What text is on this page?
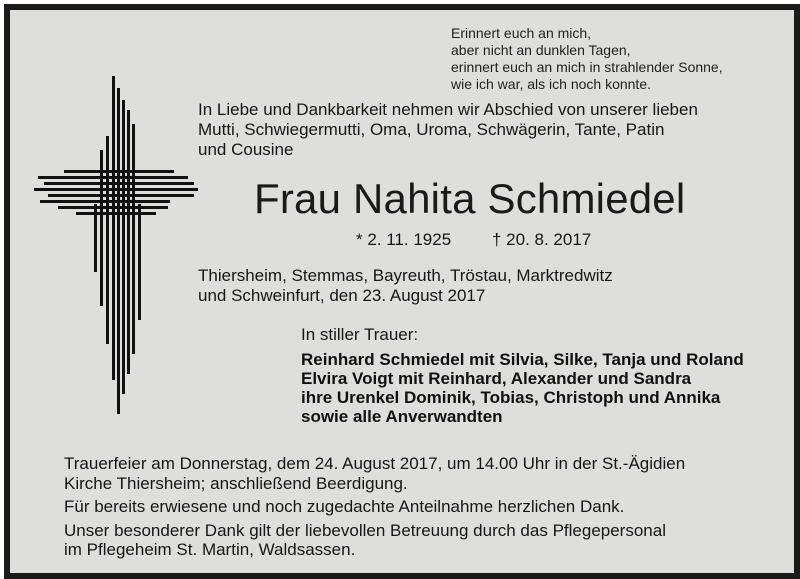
Erinnert euch an mich,
aber nicht an dunklen Tagen,
erinnert euch an mich in strahlender Sonne,
wie ich war, als ich noch konnte.
In Liebe und Dankbarkeit nehmen wir Abschied von unserer lieben
Mutti, Schwiegermutti, Oma, Uroma, Schwägerin, Tante, Patin
und Cousine
Frau Nahita Schmiedel
* 2. 11. 1925 † 20. 8. 2017
Thiersheim, Stemmas, Bayreuth, Tröstau, Marktredwitz
und Schweinfurt, den 23. August 2017
In stiller Trauer:
Reinhard Schmiedel mit Silvia, Silke, Tanja und Roland
Elvira Voigt mit Reinhard, Alexander und Sandra
ihre Urenkel Dominik, Tobias, Christoph und Annika
sowie alle Anverwandten
Trauerfeier am Donnerstag, dem 24. August 2017, um 14.00 Uhr in der St.-Ägidien
Kirche Thiersheim; anschließend Beerdigung.
Für bereits erwiesene und noch zugedachte Anteilnahme herzlichen Dank.
Unser besonderer Dank gilt der liebevollen Betreuung durch das Pflegepersonal
im Pflegeheim St. Martin, Waldsassen.
